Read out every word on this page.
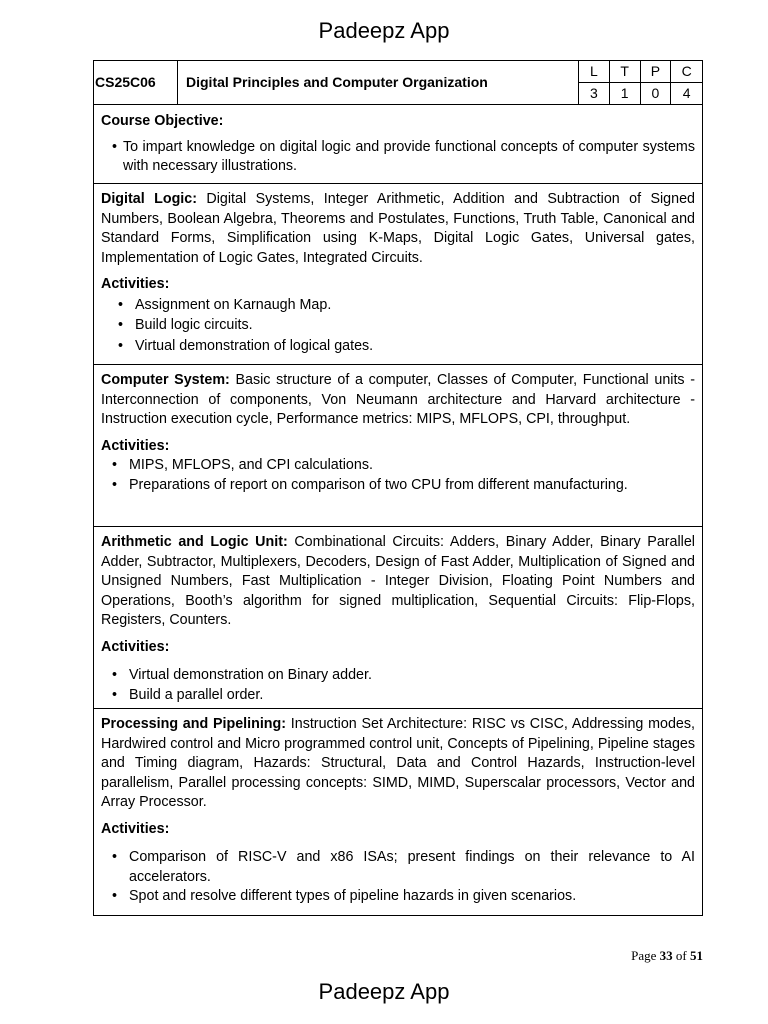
Padeepz App
CS25C06	Digital Principles and Computer Organization
L	T	P	C
3	1	0	4

Course Objective:

• To impart knowledge on digital logic and provide functional concepts of computer systems with necessary illustrations.

Digital Logic: Digital Systems, Integer Arithmetic, Addition and Subtraction of Signed Numbers, Boolean Algebra, Theorems and Postulates, Functions, Truth Table, Canonical and Standard Forms, Simplification using K-Maps, Digital Logic Gates, Universal gates, Implementation of Logic Gates, Integrated Circuits.

Activities:

• Assignment on Karnaugh Map.
• Build logic circuits.
• Virtual demonstration of logical gates.

Computer System: Basic structure of a computer, Classes of Computer, Functional units - Interconnection of components, Von Neumann architecture and Harvard architecture - Instruction execution cycle, Performance metrics: MIPS, MFLOPS, CPI, throughput.

Activities:

• MIPS, MFLOPS, and CPI calculations.
• Preparations of report on comparison of two CPU from different manufacturing.

Arithmetic and Logic Unit: Combinational Circuits: Adders, Binary Adder, Binary Parallel Adder, Subtractor, Multiplexers, Decoders, Design of Fast Adder, Multiplication of Signed and Unsigned Numbers, Fast Multiplication - Integer Division, Floating Point Numbers and Operations, Booth’s algorithm for signed multiplication, Sequential Circuits: Flip-Flops, Registers, Counters.

Activities:

• Virtual demonstration on Binary adder.
• Build a parallel order.

Processing and Pipelining: Instruction Set Architecture: RISC vs CISC, Addressing modes, Hardwired control and Micro programmed control unit, Concepts of Pipelining, Pipeline stages and Timing diagram, Hazards: Structural, Data and Control Hazards, Instruction-level parallelism, Parallel processing concepts: SIMD, MIMD, Superscalar processors, Vector and Array Processor.

Activities:

• Comparison of RISC-V and x86 ISAs; present findings on their relevance to AI accelerators.
• Spot and resolve different types of pipeline hazards in given scenarios.
Page 33 of 51
Padeepz App
